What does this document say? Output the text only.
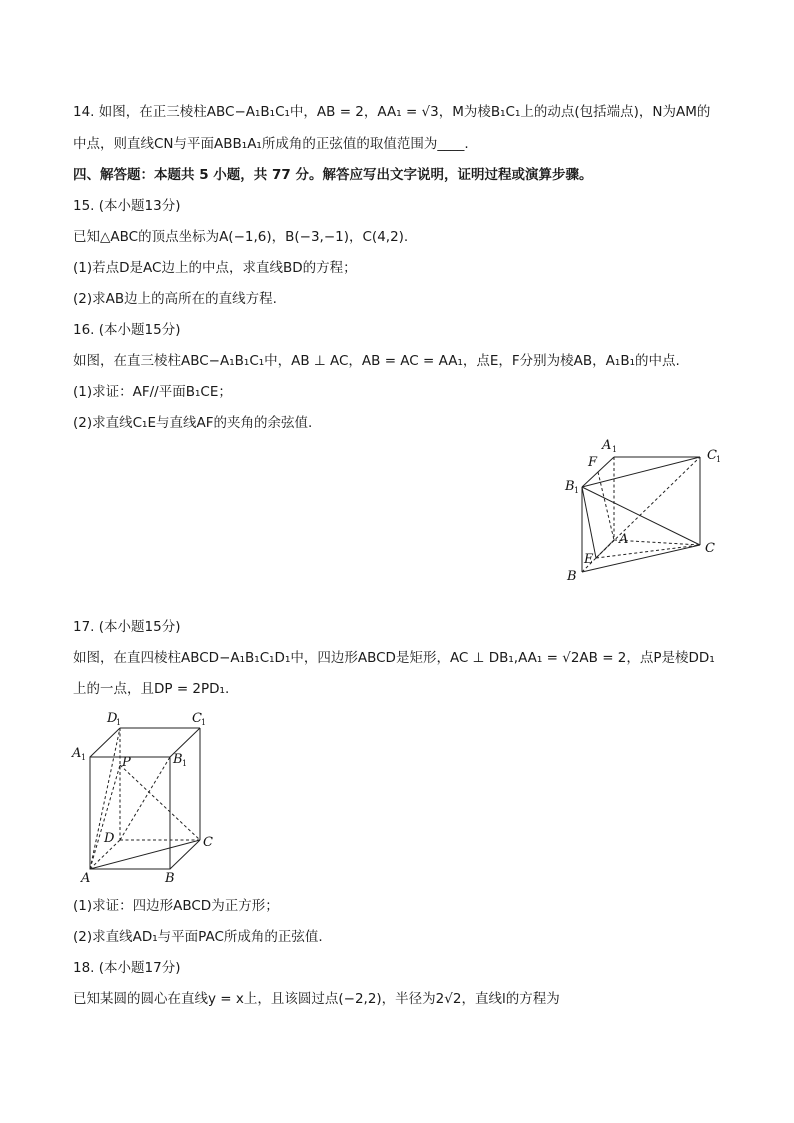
14. 如图，在正三棱柱ABC−A₁B₁C₁中，AB = 2，AA₁ = √3，M为棱B₁C₁上的动点(包括端点)，N为AM的
中点，则直线CN与平面ABB₁A₁所成角的正弦值的取值范围为____.
四、解答题：本题共 5 小题，共 77 分。解答应写出文字说明，证明过程或演算步骤。
15. (本小题13分)
已知△ABC的顶点坐标为A(−1,6)，B(−3,−1)，C(4,2).
(1)若点D是AC边上的中点，求直线BD的方程；
(2)求AB边上的高所在的直线方程.
16. (本小题15分)
如图，在直三棱柱ABC−A₁B₁C₁中，AB ⊥ AC，AB = AC = AA₁，点E，F分别为棱AB，A₁B₁的中点.
(1)求证：AF//平面B₁CE；
(2)求直线C₁E与直线AF的夹角的余弦值.
A 1	C 1
F
B 1
A
E
C
B
17. (本小题15分)
如图，在直四棱柱ABCD−A₁B₁C₁D₁中，四边形ABCD是矩形，AC ⊥ DB₁,AA₁ = √2AB = 2，点P是棱DD₁
上的一点，且DP = 2PD₁.
D
1	C 1
A 1	P	B 1
D	C
A	B
(1)求证：四边形ABCD为正方形；
(2)求直线AD₁与平面PAC所成角的正弦值.
18. (本小题17分)
已知某圆的圆心在直线y = x上，且该圆过点(−2,2)，半径为2√2，直线l的方程为
